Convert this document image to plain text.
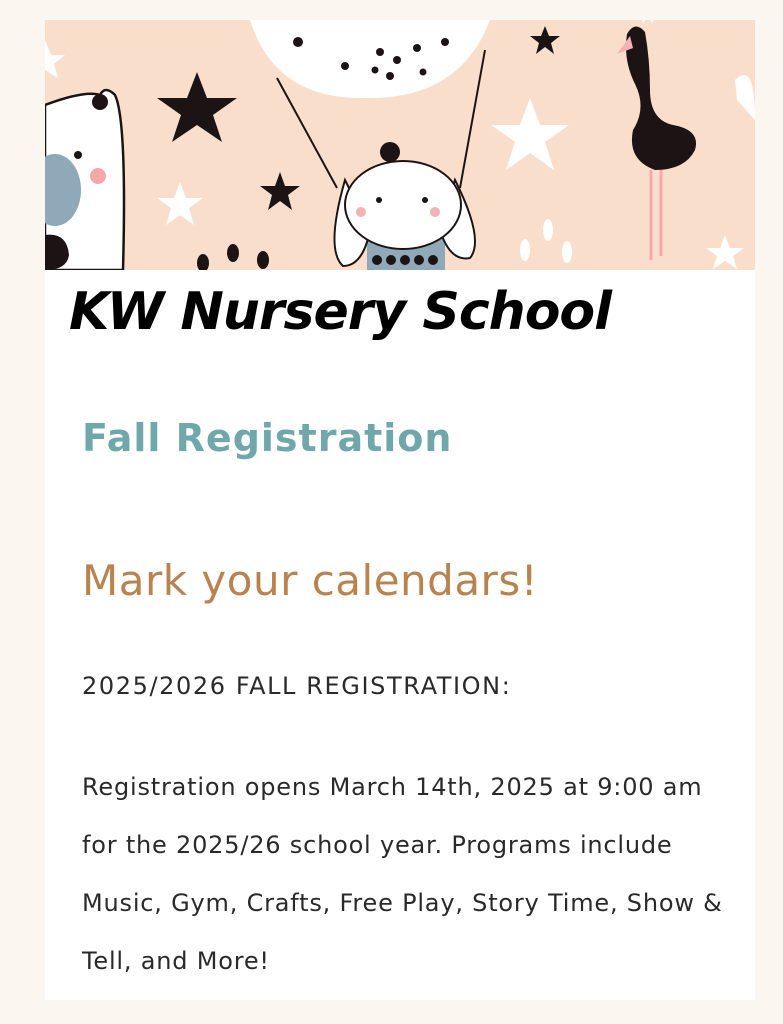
KW Nursery School
Fall Registration
Mark your calendars!

2025/2026 FALL REGISTRATION:

Registration opens March 14th, 2025 at 9:00 am for the 2025/26 school year. Programs include Music, Gym, Crafts, Free Play, Story Time, Show & Tell, and More!
